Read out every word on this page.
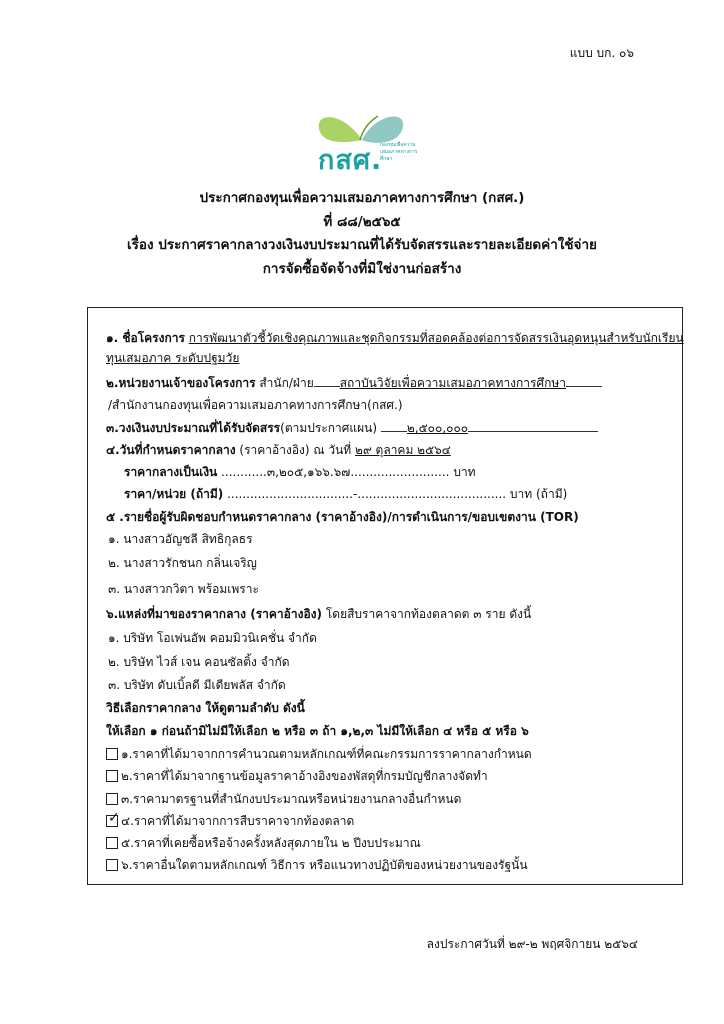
แบบ บก. ๐๖
กสศ.
กองทุนเพื่อความเสมอภาคทางการศึกษา
ประกาศกองทุนเพื่อความเสมอภาคทางการศึกษา (กสศ.)
ที่ ๘๘/๒๕๖๕
เรื่อง ประกาศราคากลางวงเงินงบประมาณที่ได้รับจัดสรรและรายละเอียดค่าใช้จ่าย
การจัดซื้อจัดจ้างที่มิใช่งานก่อสร้าง
๑. ชื่อโครงการ การพัฒนาตัวชี้วัดเชิงคุณภาพและชุดกิจกรรมที่สอดคล้องต่อการจัดสรรเงินอุดหนุนสำหรับนักเรียน
ทุนเสมอภาค ระดับปฐมวัย
๒.หน่วยงานเจ้าของโครงการ สำนัก/ฝ่าย สถาบันวิจัยเพื่อความเสมอภาคทางการศึกษา
/สำนักงานกองทุนเพื่อความเสมอภาคทางการศึกษา(กสศ.)
๓.วงเงินงบประมาณที่ได้รับจัดสรร(ตามประกาศแผน) ๒,๕๐๐,๐๐๐
๔.วันที่กำหนดราคากลาง (ราคาอ้างอิง) ณ วันที่ ๒๙ ตุลาคม ๒๕๖๔
ราคากลางเป็นเงิน ............๓,๒๐๕,๑๖๖.๖๗.......................... บาท
ราคา/หน่วย (ถ้ามี) .................................-....................................... บาท (ถ้ามี)
๕ .รายชื่อผู้รับผิดชอบกำหนดราคากลาง (ราคาอ้างอิง)/การดำเนินการ/ขอบเขตงาน (TOR)
๑. นางสาวอัญชลี สิทธิกุลธร
๒. นางสาวรักชนก กลิ่นเจริญ
๓. นางสาวกวิตา พร้อมเพราะ
๖.แหล่งที่มาของราคากลาง (ราคาอ้างอิง) โดยสืบราคาจากท้องตลาดต ๓ ราย ดังนี้
๑. บริษัท โอเพ่นอัพ คอมมิวนิเคชั่น จำกัด
๒. บริษัท ไวส์ เจน คอนซัลติ้ง จำกัด
๓. บริษัท ดับเบิ้ลดี มีเดียพลัส จำกัด
วิธีเลือกราคากลาง ให้ดูตามลำดับ ดังนี้
ให้เลือก ๑ ก่อนถ้ามิไม่มีให้เลือก ๒ หรือ ๓ ถ้า ๑,๒,๓ ไม่มีให้เลือก ๔ หรือ ๕ หรือ ๖
๑.ราคาที่ได้มาจากการคำนวณตามหลักเกณฑ์ที่คณะกรรมการราคากลางกำหนด
๒.ราคาที่ได้มาจากฐานข้อมูลราคาอ้างอิงของพัสดุที่กรมบัญชีกลางจัดทำ
๓.ราคามาตรฐานที่สำนักงบประมาณหรือหน่วยงานกลางอื่นกำหนด
✓ ๔.ราคาที่ได้มาจากการสืบราคาจากท้องตลาด
๕.ราคาที่เคยซื้อหรือจ้างครั้งหลังสุดภายใน ๒ ปีงบประมาณ
๖.ราคาอื่นใดตามหลักเกณฑ์ วิธีการ หรือแนวทางปฏิบัติของหน่วยงานของรัฐนั้น
ลงประกาศวันที่ ๒๙-๒ พฤศจิกายน ๒๕๖๔
